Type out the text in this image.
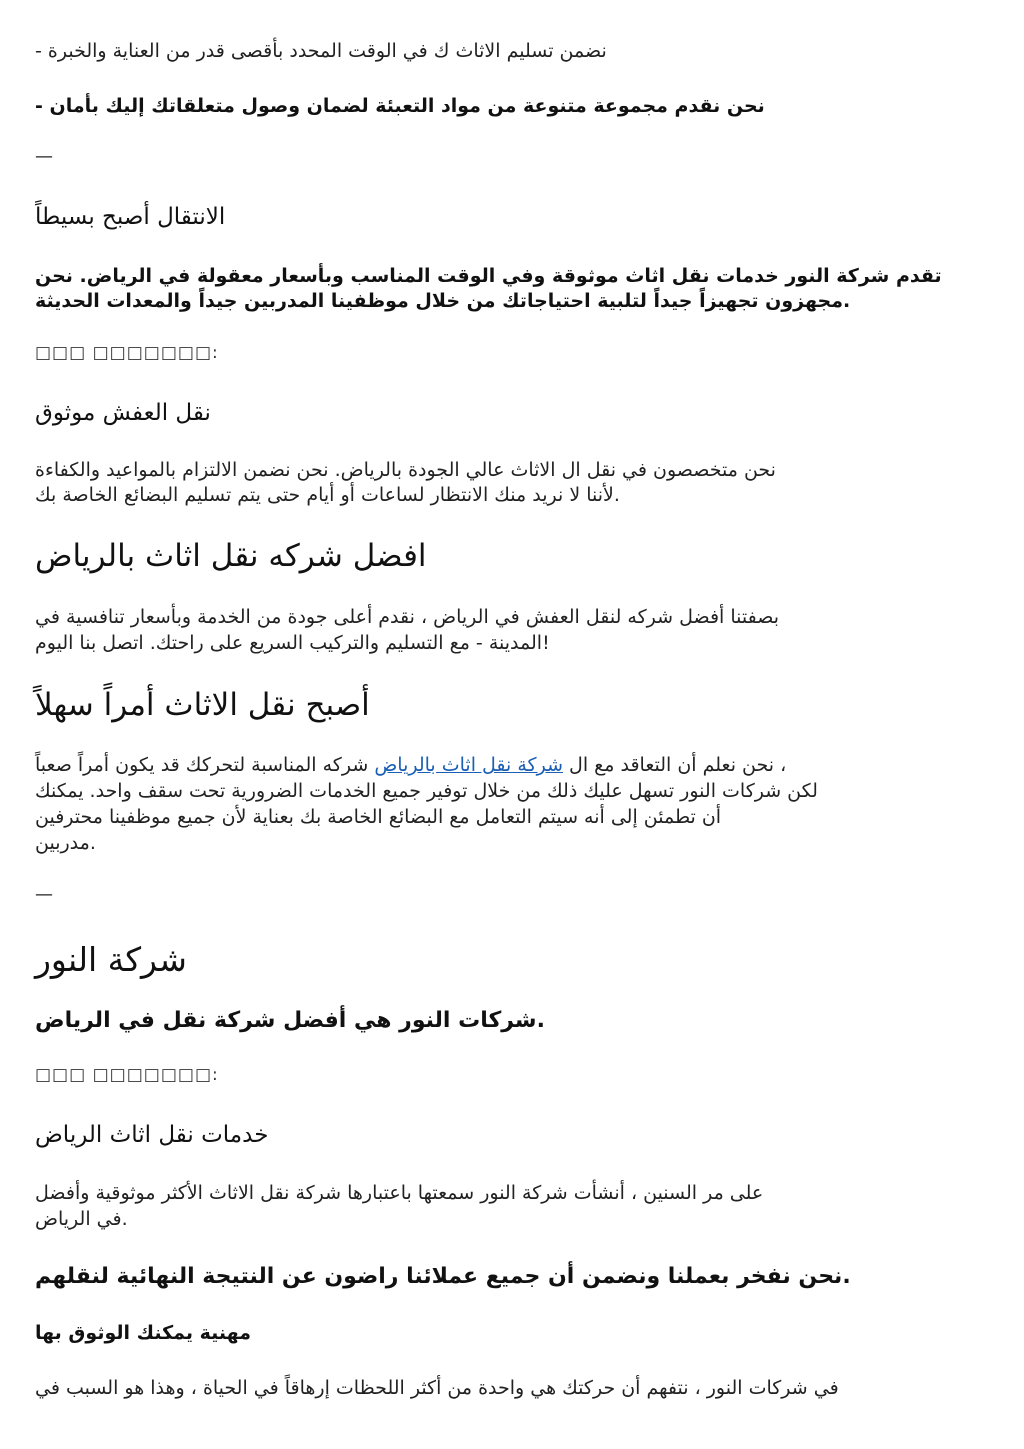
- نضمن تسليم الاثاث ك في الوقت المحدد بأقصى قدر من العناية والخبرة

- نحن نقدم مجموعة متنوعة من مواد التعبئة لضمان وصول متعلقاتك إليك بأمان

—

الانتقال أصبح بسيطاً

تقدم شركة النور خدمات نقل اثاث موثوقة وفي الوقت المناسب وبأسعار معقولة في الرياض. نحن

مجهزون تجهيزاً جيداً لتلبية احتياجاتك من خلال موظفينا المدربين جيداً والمعدات الحديثة.

□□□ □□□□□□□:

نقل العفش موثوق

نحن متخصصون في نقل ال الاثاث عالي الجودة بالرياض. نحن نضمن الالتزام بالمواعيد والكفاءة

لأننا لا نريد منك الانتظار لساعات أو أيام حتى يتم تسليم البضائع الخاصة بك.

افضل شركه نقل اثاث بالرياض

بصفتنا أفضل شركه لنقل العفش في الرياض ، نقدم أعلى جودة من الخدمة وبأسعار تنافسية في

المدينة - مع التسليم والتركيب السريع على راحتك. اتصل بنا اليوم!

أصبح نقل الاثاث أمراً سهلاً

نحن نعلم أن التعاقد مع ال شركة نقل اثاث بالرياض شركه المناسبة لتحركك قد يكون أمراً صعباً ،

لكن شركات النور تسهل عليك ذلك من خلال توفير جميع الخدمات الضرورية تحت سقف واحد. يمكنك

أن تطمئن إلى أنه سيتم التعامل مع البضائع الخاصة بك بعناية لأن جميع موظفينا محترفين

مدربين.

—

شركة النور
شركات النور هي أفضل شركة نقل في الرياض.

□□□ □□□□□□□:

خدمات نقل اثاث الرياض

على مر السنين ، أنشأت شركة النور سمعتها باعتبارها شركة نقل الاثاث الأكثر موثوقية وأفضل

في الرياض.

نحن نفخر بعملنا ونضمن أن جميع عملائنا راضون عن النتيجة النهائية لنقلهم.

مهنية يمكنك الوثوق بها

في شركات النور ، نتفهم أن حركتك هي واحدة من أكثر اللحظات إرهاقاً في الحياة ، وهذا هو السبب في
